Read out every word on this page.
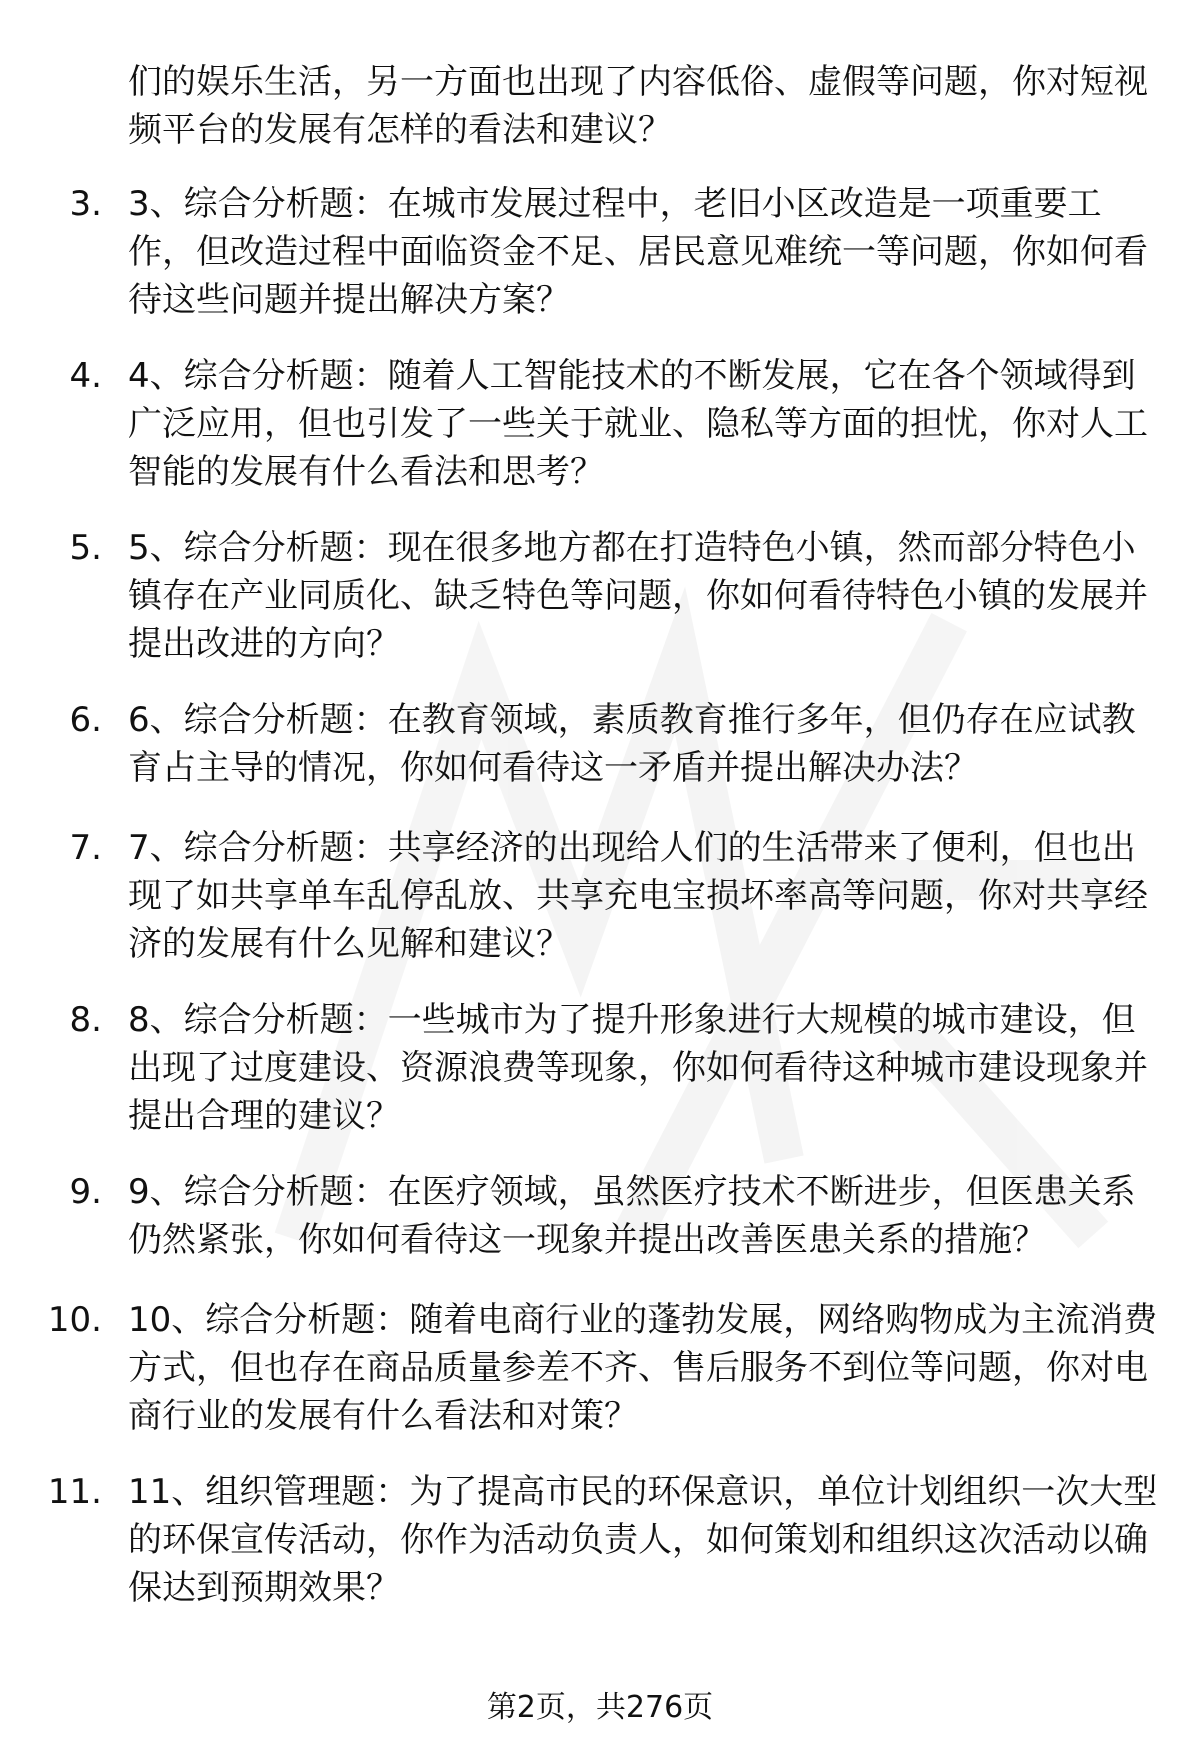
们的娱乐生活，另一方面也出现了内容低俗、虚假等问题，你对短视频平台的发展有怎样的看法和建议？
3. 3、综合分析题：在城市发展过程中，老旧小区改造是一项重要工作，但改造过程中面临资金不足、居民意见难统一等问题，你如何看待这些问题并提出解决方案？
4. 4、综合分析题：随着人工智能技术的不断发展，它在各个领域得到广泛应用，但也引发了一些关于就业、隐私等方面的担忧，你对人工智能的发展有什么看法和思考？
5. 5、综合分析题：现在很多地方都在打造特色小镇，然而部分特色小镇存在产业同质化、缺乏特色等问题，你如何看待特色小镇的发展并提出改进的方向？
6. 6、综合分析题：在教育领域，素质教育推行多年，但仍存在应试教育占主导的情况，你如何看待这一矛盾并提出解决办法？
7. 7、综合分析题：共享经济的出现给人们的生活带来了便利，但也出现了如共享单车乱停乱放、共享充电宝损坏率高等问题，你对共享经济的发展有什么见解和建议？
8. 8、综合分析题：一些城市为了提升形象进行大规模的城市建设，但出现了过度建设、资源浪费等现象，你如何看待这种城市建设现象并提出合理的建议？
9. 9、综合分析题：在医疗领域，虽然医疗技术不断进步，但医患关系仍然紧张，你如何看待这一现象并提出改善医患关系的措施？
10. 10、综合分析题：随着电商行业的蓬勃发展，网络购物成为主流消费方式，但也存在商品质量参差不齐、售后服务不到位等问题，你对电商行业的发展有什么看法和对策？
11. 11、组织管理题：为了提高市民的环保意识，单位计划组织一次大型的环保宣传活动，你作为活动负责人，如何策划和组织这次活动以确保达到预期效果？
第2页，共276页
